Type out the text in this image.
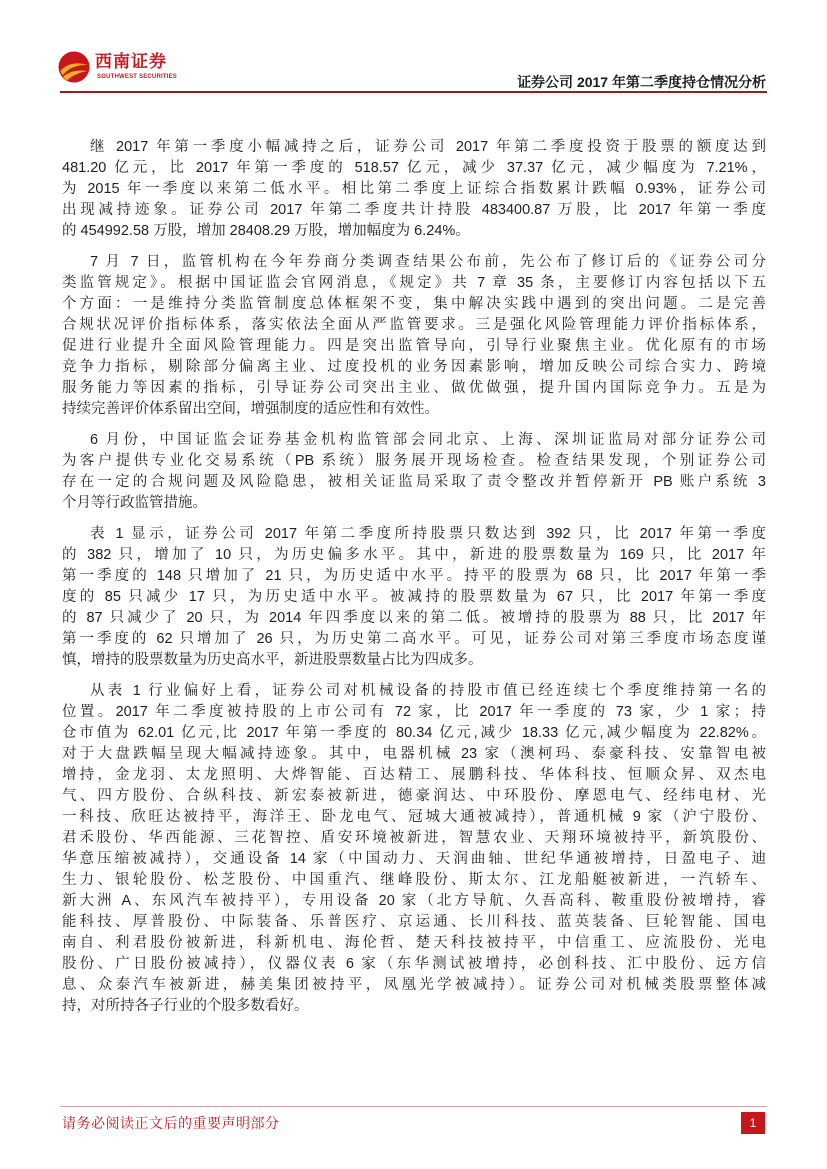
西南证券
SOUTHWEST SECURITIES	证券公司 2017 年第二季度持仓情况分析
继 2017 年第一季度小幅减持之后，证券公司 2017 年第二季度投资于股票的额度达到
481.20 亿元，比 2017 年第一季度的 518.57 亿元，减少 37.37 亿元，减少幅度为 7.21%，
为 2015 年一季度以来第二低水平。相比第二季度上证综合指数累计跌幅 0.93%，证券公司
出现减持迹象。证券公司 2017 年第二季度共计持股 483400.87 万股，比 2017 年第一季度
的 454992.58 万股，增加 28408.29 万股，增加幅度为 6.24%。
7 月 7 日，监管机构在今年券商分类调查结果公布前，先公布了修订后的《证券公司分
类监管规定》。根据中国证监会官网消息，《规定》共 7 章 35 条，主要修订内容包括以下五
个方面：一是维持分类监管制度总体框架不变，集中解决实践中遇到的突出问题。二是完善
合规状况评价指标体系，落实依法全面从严监管要求。三是强化风险管理能力评价指标体系，
促进行业提升全面风险管理能力。四是突出监管导向，引导行业聚焦主业。优化原有的市场
竞争力指标，剔除部分偏离主业、过度投机的业务因素影响，增加反映公司综合实力、跨境
服务能力等因素的指标，引导证券公司突出主业、做优做强，提升国内国际竞争力。五是为
持续完善评价体系留出空间，增强制度的适应性和有效性。
6 月份，中国证监会证券基金机构监管部会同北京、上海、深圳证监局对部分证券公司
为客户提供专业化交易系统（PB 系统）服务展开现场检查。检查结果发现，个别证券公司
存在一定的合规问题及风险隐患，被相关证监局采取了责令整改并暂停新开 PB 账户系统 3
个月等行政监管措施。
表 1 显示，证券公司 2017 年第二季度所持股票只数达到 392 只，比 2017 年第一季度
的 382 只，增加了 10 只，为历史偏多水平。其中，新进的股票数量为 169 只，比 2017 年
第一季度的 148 只增加了 21 只，为历史适中水平。持平的股票为 68 只，比 2017 年第一季
度的 85 只减少 17 只，为历史适中水平。被减持的股票数量为 67 只，比 2017 年第一季度
的 87 只减少了 20 只，为 2014 年四季度以来的第二低。被增持的股票为 88 只，比 2017 年
第一季度的 62 只增加了 26 只，为历史第二高水平。可见，证券公司对第三季度市场态度谨
慎，增持的股票数量为历史高水平，新进股票数量占比为四成多。
从表 1 行业偏好上看，证券公司对机械设备的持股市值已经连续七个季度维持第一名的
位置。2017 年二季度被持股的上市公司有 72 家，比 2017 年一季度的 73 家，少 1 家；持
仓市值为 62.01 亿元,比 2017 年第一季度的 80.34 亿元,减少 18.33 亿元,减少幅度为 22.82%。
对于大盘跌幅呈现大幅减持迹象。其中，电器机械 23 家（澳柯玛、泰豪科技、安靠智电被
增持，金龙羽、太龙照明、大烨智能、百达精工、展鹏科技、华体科技、恒顺众昇、双杰电
气、四方股份、合纵科技、新宏泰被新进，德豪润达、中环股份、摩恩电气、经纬电材、光
一科技、欣旺达被持平，海洋王、卧龙电气、冠城大通被减持），普通机械 9 家（沪宁股份、
君禾股份、华西能源、三花智控、盾安环境被新进，智慧农业、天翔环境被持平，新筑股份、
华意压缩被减持），交通设备 14 家（中国动力、天润曲轴、世纪华通被增持，日盈电子、迪
生力、银轮股份、松芝股份、中国重汽、继峰股份、斯太尔、江龙船艇被新进，一汽轿车、
新大洲 A、东风汽车被持平），专用设备 20 家（北方导航、久吾高科、鞍重股份被增持，睿
能科技、厚普股份、中际装备、乐普医疗、京运通、长川科技、蓝英装备、巨轮智能、国电
南自、利君股份被新进，科新机电、海伦哲、楚天科技被持平，中信重工、应流股份、光电
股份、广日股份被减持），仪器仪表 6 家（东华测试被增持，必创科技、汇中股份、远方信
息、众泰汽车被新进，赫美集团被持平，凤凰光学被减持）。证券公司对机械类股票整体减
持，对所持各子行业的个股多数看好。
请务必阅读正文后的重要声明部分	1
